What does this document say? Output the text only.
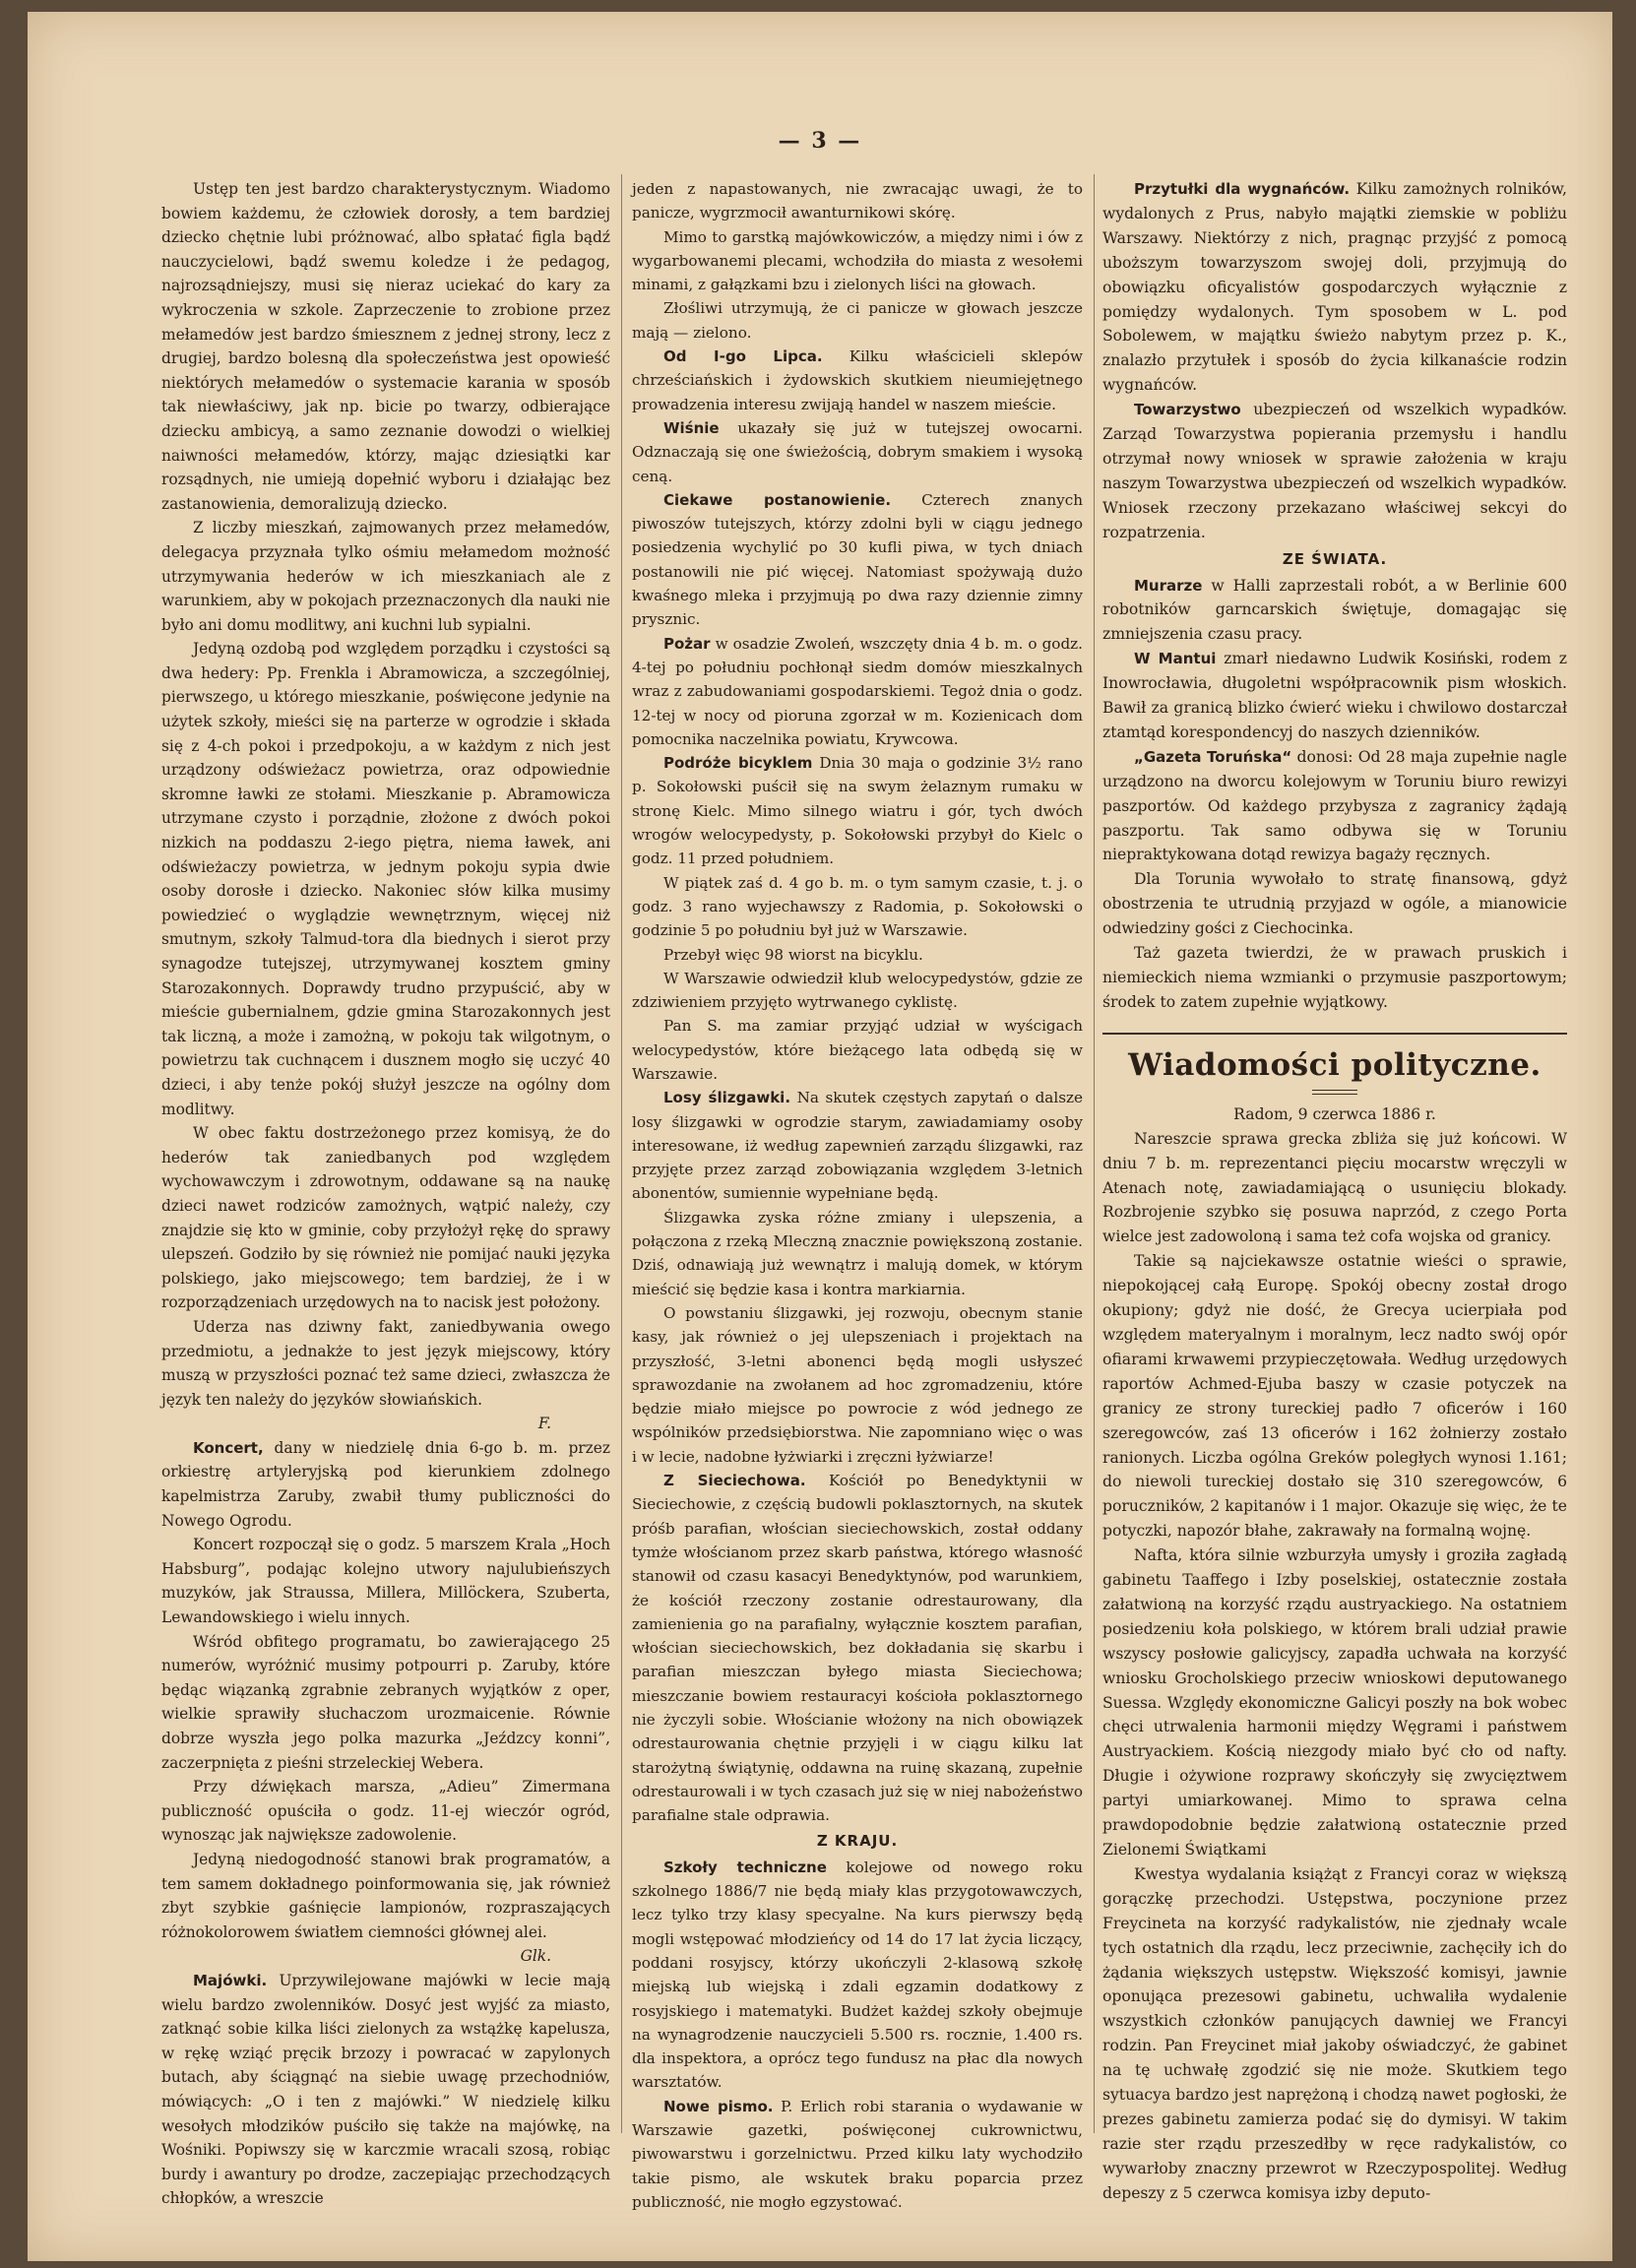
— 3 —

Ustęp ten jest bardzo charakterystycznym. Wiadomo bowiem każdemu, że człowiek dorosły, a tem bardziej dziecko chętnie lubi próżnować, albo spłatać figla bądź nauczycielowi, bądź swemu koledze i że pedagog, najrozsądniejszy, musi się nieraz uciekać do kary za wykroczenia w szkole. Zaprzeczenie to zrobione przez mełamedów jest bardzo śmiesznem z jednej strony, lecz z drugiej, bardzo bolesną dla społeczeństwa jest opowieść niektórych mełamedów o systemacie karania w sposób tak niewłaściwy, jak np. bicie po twarzy, odbierające dziecku ambicyą, a samo zeznanie dowodzi o wielkiej naiwności mełamedów, którzy, mając dziesiątki kar rozsądnych, nie umieją dopełnić wyboru i działając bez zastanowienia, demoralizują dziecko.

Z liczby mieszkań, zajmowanych przez mełamedów, delegacya przyznała tylko ośmiu mełamedom możność utrzymywania hederów w ich mieszkaniach ale z warunkiem, aby w pokojach przeznaczonych dla nauki nie było ani domu modlitwy, ani kuchni lub sypialni.

Jedyną ozdobą pod względem porządku i czystości są dwa hedery: Pp. Frenkla i Abramowicza, a szczególniej, pierwszego, u którego mieszkanie, poświęcone jedynie na użytek szkoły, mieści się na parterze w ogrodzie i składa się z 4-ch pokoi i przedpokoju, a w każdym z nich jest urządzony odświeżacz powietrza, oraz odpowiednie skromne ławki ze stołami. Mieszkanie p. Abramowicza utrzymane czysto i porządnie, złożone z dwóch pokoi nizkich na poddaszu 2-iego piętra, niema ławek, ani odświeżaczy powietrza, w jednym pokoju sypia dwie osoby dorosłe i dziecko. Nakoniec słów kilka musimy powiedzieć o wyglądzie wewnętrznym, więcej niż smutnym, szkoły Talmud-tora dla biednych i sierot przy synagodze tutejszej, utrzymywanej kosztem gminy Starozakonnych. Doprawdy trudno przypuścić, aby w mieście gubernialnem, gdzie gmina Starozakonnych jest tak liczną, a może i zamożną, w pokoju tak wilgotnym, o powietrzu tak cuchnącem i dusznem mogło się uczyć 40 dzieci, i aby tenże pokój służył jeszcze na ogólny dom modlitwy.

W obec faktu dostrzeżonego przez komisyą, że do hederów tak zaniedbanych pod względem wychowawczym i zdrowotnym, oddawane są na naukę dzieci nawet rodziców zamożnych, wątpić należy, czy znajdzie się kto w gminie, coby przyłożył rękę do sprawy ulepszeń. Godziło by się również nie pomijać nauki języka polskiego, jako miejscowego; tem bardziej, że i w rozporządzeniach urzędowych na to nacisk jest położony.

Uderza nas dziwny fakt, zaniedbywania owego przedmiotu, a jednakże to jest język miejscowy, który muszą w przyszłości poznać też same dzieci, zwłaszcza że język ten należy do języków słowiańskich.

F.

Koncert, dany w niedzielę dnia 6-go b. m. przez orkiestrę artyleryjską pod kierunkiem zdolnego kapelmistrza Zaruby, zwabił tłumy publiczności do Nowego Ogrodu.

Koncert rozpoczął się o godz. 5 marszem Krala „Hoch Habsburg”, podając kolejno utwory najulubieńszych muzyków, jak Straussa, Millera, Millöckera, Szuberta, Lewandowskiego i wielu innych.

Wśród obfitego programatu, bo zawierającego 25 numerów, wyróżnić musimy potpourri p. Zaruby, które będąc wiązanką zgrabnie zebranych wyjątków z oper, wielkie sprawiły słuchaczom urozmaicenie. Równie dobrze wyszła jego polka mazurka „Jeźdzcy konni”, zaczerpnięta z pieśni strzeleckiej Webera.

Przy dźwiękach marsza, „Adieu” Zimermana publiczność opuściła o godz. 11-ej wieczór ogród, wynosząc jak największe zadowolenie.

Jedyną niedogodność stanowi brak programatów, a tem samem dokładnego poinformowania się, jak również zbyt szybkie gaśnięcie lampionów, rozpraszających różnokolorowem światłem ciemności głównej alei.

Glk.

Majówki. Uprzywilejowane majówki w lecie mają wielu bardzo zwolenników. Dosyć jest wyjść za miasto, zatknąć sobie kilka liści zielonych za wstążkę kapelusza, w rękę wziąć pręcik brzozy i powracać w zapylonych butach, aby ściągnąć na siebie uwagę przechodniów, mówiących: „O i ten z majówki.” W niedzielę kilku wesołych młodzików puściło się także na majówkę, na Wośniki. Popiwszy się w karczmie wracali szosą, robiąc burdy i awantury po drodze, zaczepiając przechodzących chłopków, a wreszcie

jeden z napastowanych, nie zwracając uwagi, że to panicze, wygrzmocił awanturnikowi skórę.

Mimo to garstką majówkowiczów, a między nimi i ów z wygarbowanemi plecami, wchodziła do miasta z wesołemi minami, z gałązkami bzu i zielonych liści na głowach.

Złośliwi utrzymują, że ci panicze w głowach jeszcze mają — zielono.

Od I-go Lipca. Kilku właścicieli sklepów chrześciańskich i żydowskich skutkiem nieumiejętnego prowadzenia interesu zwijają handel w naszem mieście.

Wiśnie ukazały się już w tutejszej owocarni. Odznaczają się one świeżością, dobrym smakiem i wysoką ceną.

Ciekawe postanowienie. Czterech znanych piwoszów tutejszych, którzy zdolni byli w ciągu jednego posiedzenia wychylić po 30 kufli piwa, w tych dniach postanowili nie pić więcej. Natomiast spożywają dużo kwaśnego mleka i przyjmują po dwa razy dziennie zimny prysznic.

Pożar w osadzie Zwoleń, wszczęty dnia 4 b. m. o godz. 4-tej po południu pochłonął siedm domów mieszkalnych wraz z zabudowaniami gospodarskiemi. Tegoż dnia o godz. 12-tej w nocy od pioruna zgorzał w m. Kozienicach dom pomocnika naczelnika powiatu, Krywcowa.

Podróże bicyklem Dnia 30 maja o godzinie 3½ rano p. Sokołowski puścił się na swym żelaznym rumaku w stronę Kielc. Mimo silnego wiatru i gór, tych dwóch wrogów welocypedysty, p. Sokołowski przybył do Kielc o godz. 11 przed południem.

W piątek zaś d. 4 go b. m. o tym samym czasie, t. j. o godz. 3 rano wyjechawszy z Radomia, p. Sokołowski o godzinie 5 po południu był już w Warszawie.

Przebył więc 98 wiorst na bicyklu.

W Warszawie odwiedził klub welocypedystów, gdzie ze zdziwieniem przyjęto wytrwanego cyklistę.

Pan S. ma zamiar przyjąć udział w wyścigach welocypedystów, które bieżącego lata odbędą się w Warszawie.

Losy ślizgawki. Na skutek częstych zapytań o dalsze losy ślizgawki w ogrodzie starym, zawiadamiamy osoby interesowane, iż według zapewnień zarządu ślizgawki, raz przyjęte przez zarząd zobowiązania względem 3-letnich abonentów, sumiennie wypełniane będą.

Ślizgawka zyska różne zmiany i ulepszenia, a połączona z rzeką Mleczną znacznie powiększoną zostanie. Dziś, odnawiają już wewnątrz i malują domek, w którym mieścić się będzie kasa i kontra markiarnia.

O powstaniu ślizgawki, jej rozwoju, obecnym stanie kasy, jak również o jej ulepszeniach i projektach na przyszłość, 3-letni abonenci będą mogli usłyszeć sprawozdanie na zwołanem ad hoc zgromadzeniu, które będzie miało miejsce po powrocie z wód jednego ze wspólników przedsiębiorstwa. Nie zapomniano więc o was i w lecie, nadobne łyżwiarki i zręczni łyżwiarze!

Z Sieciechowa. Kościół po Benedyktynii w Sieciechowie, z częścią budowli poklasztornych, na skutek próśb parafian, włościan sieciechowskich, został oddany tymże włościanom przez skarb państwa, którego własność stanowił od czasu kasacyi Benedyktynów, pod warunkiem, że kościół rzeczony zostanie odrestaurowany, dla zamienienia go na parafialny, wyłącznie kosztem parafian, włościan sieciechowskich, bez dokładania się skarbu i parafian mieszczan byłego miasta Sieciechowa; mieszczanie bowiem restauracyi kościoła poklasztornego nie życzyli sobie. Włościanie włożony na nich obowiązek odrestaurowania chętnie przyjęli i w ciągu kilku lat starożytną świątynię, oddawna na ruinę skazaną, zupełnie odrestaurowali i w tych czasach już się w niej nabożeństwo parafialne stale odprawia.

Z KRAJU.

Szkoły techniczne kolejowe od nowego roku szkolnego 1886/7 nie będą miały klas przygotowawczych, lecz tylko trzy klasy specyalne. Na kurs pierwszy będą mogli wstępować młodzieńcy od 14 do 17 lat życia liczący, poddani rosyjscy, którzy ukończyli 2-klasową szkołę miejską lub wiejską i zdali egzamin dodatkowy z rosyjskiego i matematyki. Budżet każdej szkoły obejmuje na wynagrodzenie nauczycieli 5.500 rs. rocznie, 1.400 rs. dla inspektora, a oprócz tego fundusz na płac dla nowych warsztatów.

Nowe pismo. P. Erlich robi starania o wydawanie w Warszawie gazetki, poświęconej cukrownictwu, piwowarstwu i gorzelnictwu. Przed kilku laty wychodziło takie pismo, ale wskutek braku poparcia przez publiczność, nie mogło egzystować.

Przytułki dla wygnańców. Kilku zamożnych rolników, wydalonych z Prus, nabyło majątki ziemskie w pobliżu Warszawy. Niektórzy z nich, pragnąc przyjść z pomocą uboższym towarzyszom swojej doli, przyjmują do obowiązku oficyalistów gospodarczych wyłącznie z pomiędzy wydalonych. Tym sposobem w L. pod Sobolewem, w majątku świeżo nabytym przez p. K., znalazło przytułek i sposób do życia kilkanaście rodzin wygnańców.

Towarzystwo ubezpieczeń od wszelkich wypadków. Zarząd Towarzystwa popierania przemysłu i handlu otrzymał nowy wniosek w sprawie założenia w kraju naszym Towarzystwa ubezpieczeń od wszelkich wypadków. Wniosek rzeczony przekazano właściwej sekcyi do rozpatrzenia.

ZE ŚWIATA.

Murarze w Halli zaprzestali robót, a w Berlinie 600 robotników garncarskich świętuje, domagając się zmniejszenia czasu pracy.

W Mantui zmarł niedawno Ludwik Kosiński, rodem z Inowrocławia, długoletni współpracownik pism włoskich. Bawił za granicą blizko ćwierć wieku i chwilowo dostarczał ztamtąd korespondencyj do naszych dzienników.

„Gazeta Toruńska“ donosi: Od 28 maja zupełnie nagle urządzono na dworcu kolejowym w Toruniu biuro rewizyi paszportów. Od każdego przybysza z zagranicy żądają paszportu. Tak samo odbywa się w Toruniu niepraktykowana dotąd rewizya bagaży ręcznych.

Dla Torunia wywołało to stratę finansową, gdyż obostrzenia te utrudnią przyjazd w ogóle, a mianowicie odwiedziny gości z Ciechocinka.

Taż gazeta twierdzi, że w prawach pruskich i niemieckich niema wzmianki o przymusie paszportowym; środek to zatem zupełnie wyjątkowy.

Wiadomości polityczne.
Radom, 9 czerwca 1886 r.

Nareszcie sprawa grecka zbliża się już końcowi. W dniu 7 b. m. reprezentanci pięciu mocarstw wręczyli w Atenach notę, zawiadamiającą o usunięciu blokady. Rozbrojenie szybko się posuwa naprzód, z czego Porta wielce jest zadowoloną i sama też cofa wojska od granicy.

Takie są najciekawsze ostatnie wieści o sprawie, niepokojącej całą Europę. Spokój obecny został drogo okupiony; gdyż nie dość, że Grecya ucierpiała pod względem materyalnym i moralnym, lecz nadto swój opór ofiarami krwawemi przypieczętowała. Według urzędowych raportów Achmed-Ejuba baszy w czasie potyczek na granicy ze strony tureckiej padło 7 oficerów i 160 szeregowców, zaś 13 oficerów i 162 żołnierzy zostało ranionych. Liczba ogólna Greków poległych wynosi 1.161; do niewoli tureckiej dostało się 310 szeregowców, 6 poruczników, 2 kapitanów i 1 major. Okazuje się więc, że te potyczki, napozór błahe, zakrawały na formalną wojnę.

Nafta, która silnie wzburzyła umysły i groziła zagładą gabinetu Taaffego i Izby poselskiej, ostatecznie została załatwioną na korzyść rządu austryackiego. Na ostatniem posiedzeniu koła polskiego, w którem brali udział prawie wszyscy posłowie galicyjscy, zapadła uchwała na korzyść wniosku Grocholskiego przeciw wnioskowi deputowanego Suessa. Względy ekonomiczne Galicyi poszły na bok wobec chęci utrwalenia harmonii między Węgrami i państwem Austryackiem. Kością niezgody miało być cło od nafty. Długie i ożywione rozprawy skończyły się zwycięztwem partyi umiarkowanej. Mimo to sprawa celna prawdopodobnie będzie załatwioną ostatecznie przed Zielonemi Świątkami

Kwestya wydalania książąt z Francyi coraz w większą gorączkę przechodzi. Ustępstwa, poczynione przez Freycineta na korzyść radykalistów, nie zjednały wcale tych ostatnich dla rządu, lecz przeciwnie, zachęciły ich do żądania większych ustępstw. Większość komisyi, jawnie oponująca prezesowi gabinetu, uchwaliła wydalenie wszystkich członków panujących dawniej we Francyi rodzin. Pan Freycinet miał jakoby oświadczyć, że gabinet na tę uchwałę zgodzić się nie może. Skutkiem tego sytuacya bardzo jest naprężoną i chodzą nawet pogłoski, że prezes gabinetu zamierza podać się do dymisyi. W takim razie ster rządu przeszedłby w ręce radykalistów, co wywarłoby znaczny przewrot w Rzeczypospolitej. Według depeszy z 5 czerwca komisya izby deputo-
